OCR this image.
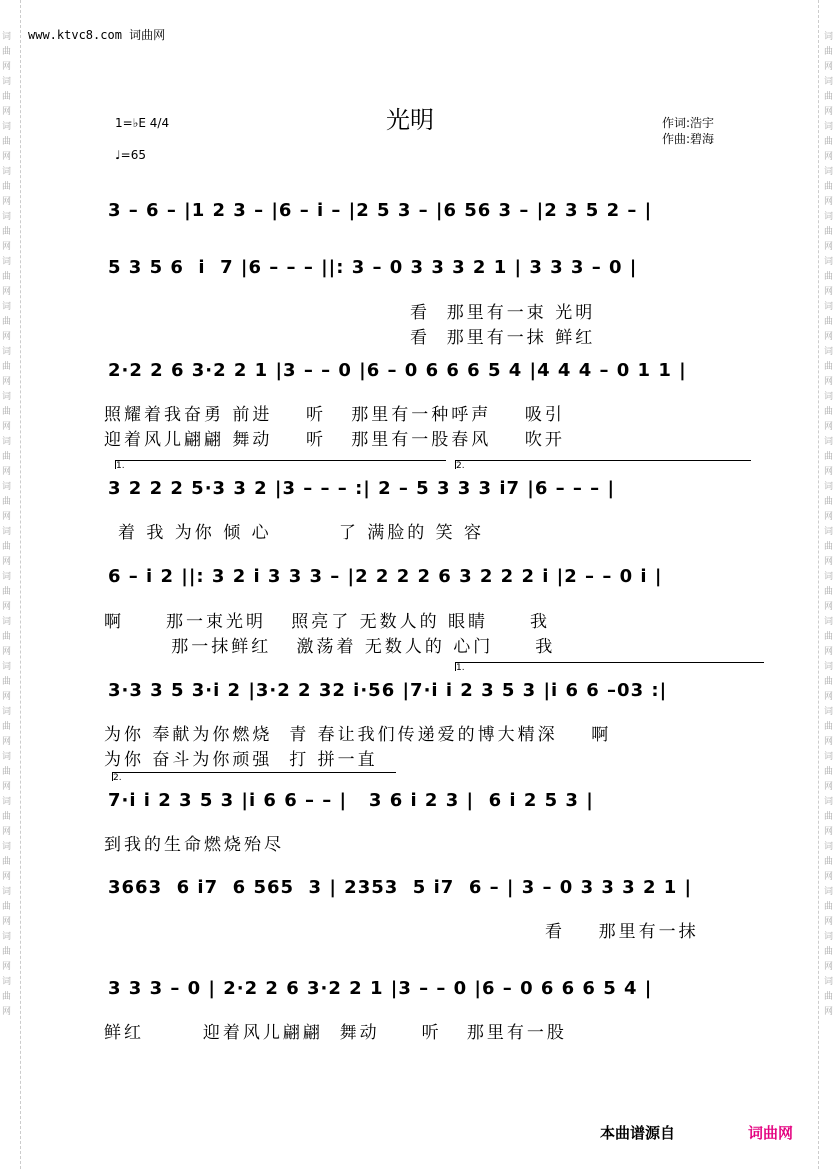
词曲网词曲网词曲网词曲网词曲网词曲网词曲网词曲网词曲网词曲网词曲网词曲网词曲网词曲网词曲网词曲网词曲网词曲网词曲网词曲网词曲网词曲网
词曲网词曲网词曲网词曲网词曲网词曲网词曲网词曲网词曲网词曲网词曲网词曲网词曲网词曲网词曲网词曲网词曲网词曲网词曲网词曲网词曲网词曲网
www.ktvc8.com 词曲网
光明
1=♭E 4/4
♩=65
作词:浩宇
作曲:碧海
3 – 6 – |1 2 3 – |6 – i – |2 5 3 – |6 56 3 – |2 3 5 2 – |
5 3 5 6  i  7 |6 – – – ||: 3 – 0 3 3 3 2 1 | 3 3 3 – 0 |
看  那里有一束 光明
看  那里有一抹 鲜红
2·2 2 6 3·2 2 1 |3 – – 0 |6 – 0 6 6 6 5 4 |4 4 4 – 0 1 1 |
照耀着我奋勇 前进    听   那里有一种呼声    吸引
迎着风儿翩翩 舞动    听   那里有一股春风    吹开
1.	2.
3 2 2 2 5·3 3 2 |3 – – – :| 2 – 5 3 3 3 i7 |6 – – – |
着 我 为你 倾 心        了 满脸的 笑 容
6 – i 2 ||: 3 2 i 3 3 3 – |2 2 2 2 6 3 2 2 2 i |2 – – 0 i |
啊     那一束光明   照亮了 无数人的 眼睛     我
那一抹鲜红   激荡着 无数人的 心门     我
1.
3·3 3 5 3·i 2 |3·2 2 32 i·56 |7·i i 2 3 5 3 |i 6 6 –03 :|
为你 奉献为你燃烧  青 春让我们传递爱的博大精深    啊
为你 奋斗为你顽强  打 拼一直
2.
7·i i 2 3 5 3 |i 6 6 – – |   3 6 i 2 3 |  6 i 2 5 3 |
到我的生命燃烧殆尽
3663  6 i7  6 565  3 | 2353  5 i7  6 – | 3 – 0 3 3 3 2 1 |
看    那里有一抹
3 3 3 – 0 | 2·2 2 6 3·2 2 1 |3 – – 0 |6 – 0 6 6 6 5 4 |
鲜红       迎着风儿翩翩  舞动     听   那里有一股
本曲谱源自	词曲网
